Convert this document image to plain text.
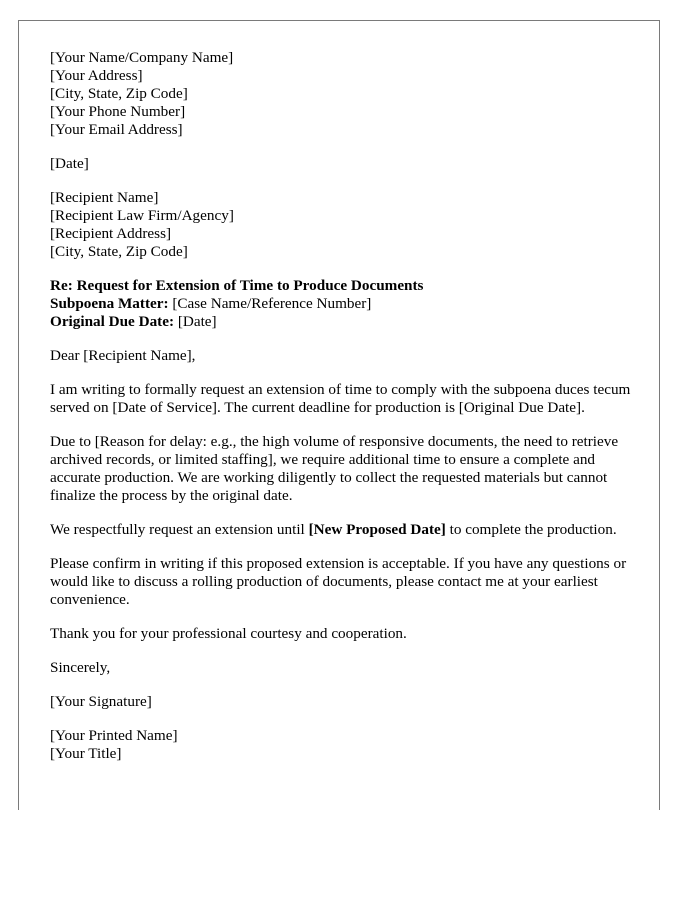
[Your Name/Company Name]
[Your Address]
[City, State, Zip Code]
[Your Phone Number]
[Your Email Address]
[Date]
[Recipient Name]
[Recipient Law Firm/Agency]
[Recipient Address]
[City, State, Zip Code]
Re: Request for Extension of Time to Produce Documents
Subpoena Matter: [Case Name/Reference Number]
Original Due Date: [Date]

Dear [Recipient Name],

I am writing to formally request an extension of time to comply with the subpoena duces tecum served on [Date of Service]. The current deadline for production is [Original Due Date].

Due to [Reason for delay: e.g., the high volume of responsive documents, the need to retrieve archived records, or limited staffing], we require additional time to ensure a complete and accurate production. We are working diligently to collect the requested materials but cannot finalize the process by the original date.

We respectfully request an extension until [New Proposed Date] to complete the production.

Please confirm in writing if this proposed extension is acceptable. If you have any questions or would like to discuss a rolling production of documents, please contact me at your earliest convenience.

Thank you for your professional courtesy and cooperation.

Sincerely,

[Your Signature]

[Your Printed Name]
[Your Title]
